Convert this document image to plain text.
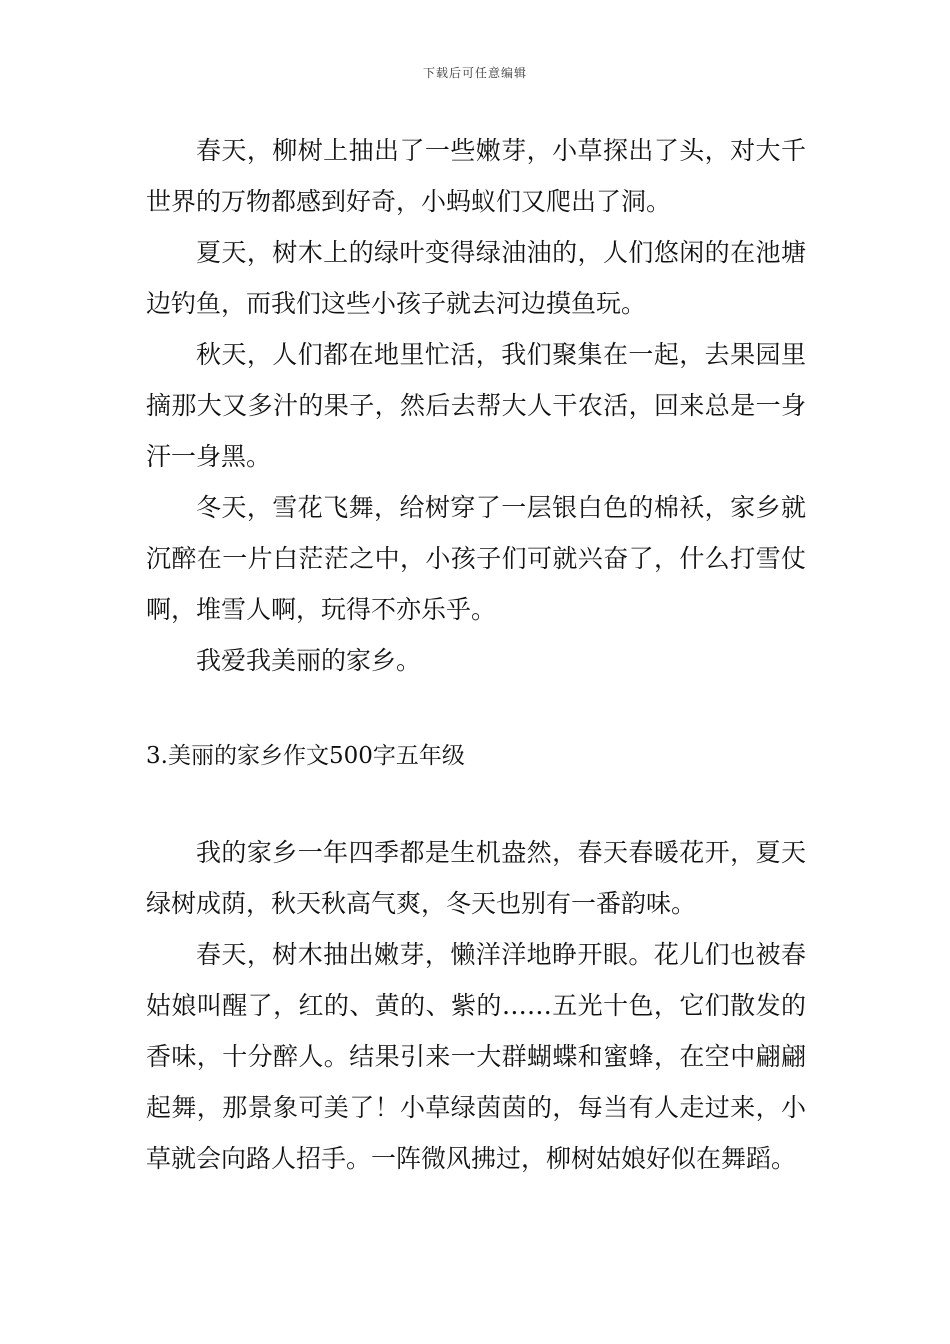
下载后可任意编辑

春天，柳树上抽出了一些嫩芽，小草探出了头，对大千世界的万物都感到好奇，小蚂蚁们又爬出了洞。

夏天，树木上的绿叶变得绿油油的，人们悠闲的在池塘边钓鱼，而我们这些小孩子就去河边摸鱼玩。

秋天，人们都在地里忙活，我们聚集在一起，去果园里摘那大又多汁的果子，然后去帮大人干农活，回来总是一身汗一身黑。

冬天，雪花飞舞，给树穿了一层银白色的棉袄，家乡就沉醉在一片白茫茫之中，小孩子们可就兴奋了，什么打雪仗啊，堆雪人啊，玩得不亦乐乎。

我爱我美丽的家乡。

3.美丽的家乡作文500字五年级

我的家乡一年四季都是生机盎然，春天春暖花开，夏天绿树成荫，秋天秋高气爽，冬天也别有一番韵味。

春天，树木抽出嫩芽，懒洋洋地睁开眼。花儿们也被春姑娘叫醒了，红的、黄的、紫的……五光十色，它们散发的香味，十分醉人。结果引来一大群蝴蝶和蜜蜂，在空中翩翩起舞，那景象可美了！小草绿茵茵的，每当有人走过来，小草就会向路人招手。一阵微风拂过，柳树姑娘好似在舞蹈。
